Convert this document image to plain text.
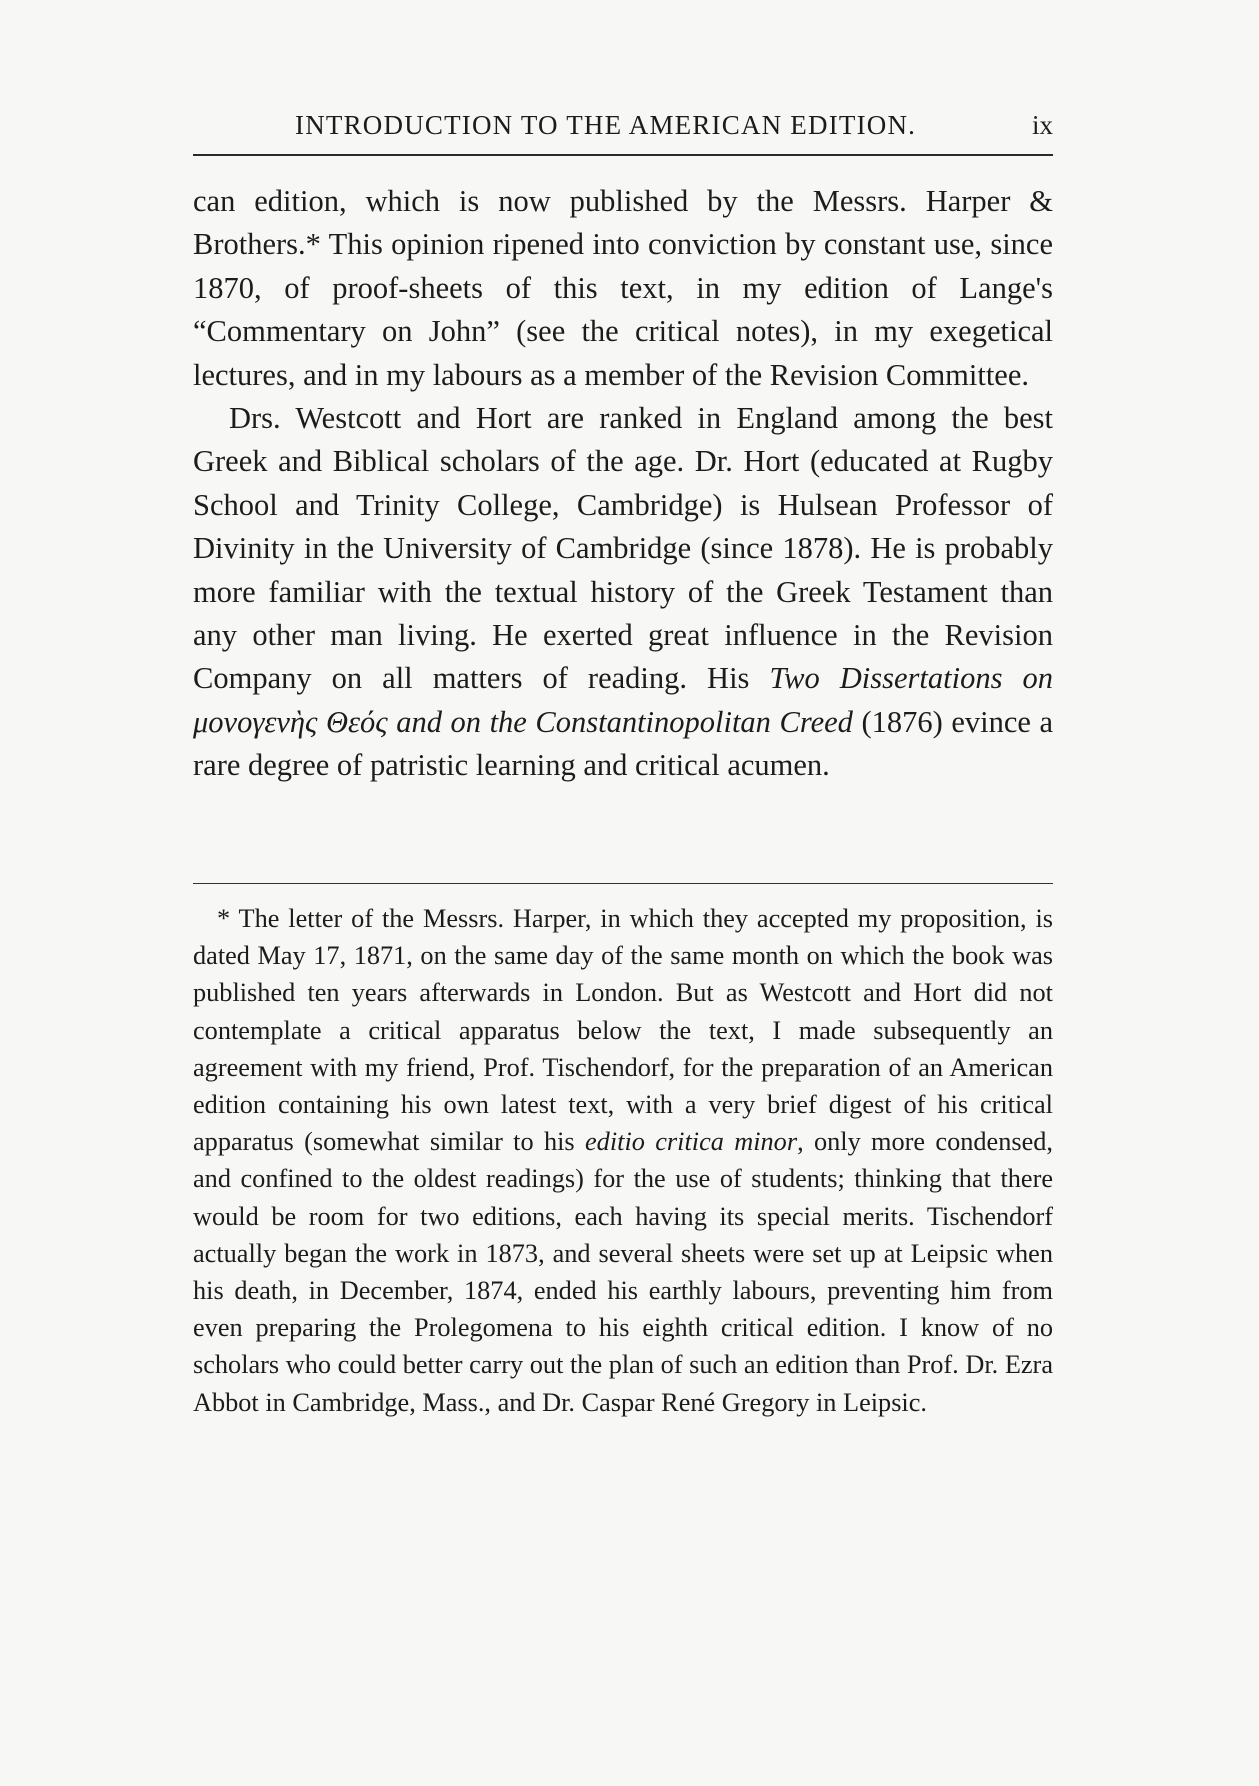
INTRODUCTION TO THE AMERICAN EDITION.	ix

can edition, which is now published by the Messrs. Harper & Brothers.* This opinion ripened into conviction by constant use, since 1870, of proof-sheets of this text, in my edition of Lange's “Commentary on John” (see the critical notes), in my exegetical lectures, and in my labours as a member of the Revision Committee.

Drs. Westcott and Hort are ranked in England among the best Greek and Biblical scholars of the age. Dr. Hort (educated at Rugby School and Trinity College, Cambridge) is Hulsean Professor of Divinity in the University of Cambridge (since 1878). He is probably more familiar with the textual history of the Greek Testament than any other man living. He exerted great influence in the Revision Company on all matters of reading. His Two Dissertations on μονογενὴς Θεός and on the Constantinopolitan Creed (1876) evince a rare degree of patristic learning and critical acumen.

* The letter of the Messrs. Harper, in which they accepted my proposition, is dated May 17, 1871, on the same day of the same month on which the book was published ten years afterwards in London. But as Westcott and Hort did not contemplate a critical apparatus below the text, I made subsequently an agreement with my friend, Prof. Tischendorf, for the preparation of an American edition containing his own latest text, with a very brief digest of his critical apparatus (somewhat similar to his editio critica minor, only more condensed, and confined to the oldest readings) for the use of students; thinking that there would be room for two editions, each having its special merits. Tischendorf actually began the work in 1873, and several sheets were set up at Leipsic when his death, in December, 1874, ended his earthly labours, preventing him from even preparing the Prolegomena to his eighth critical edition. I know of no scholars who could better carry out the plan of such an edition than Prof. Dr. Ezra Abbot in Cambridge, Mass., and Dr. Caspar René Gregory in Leipsic.
